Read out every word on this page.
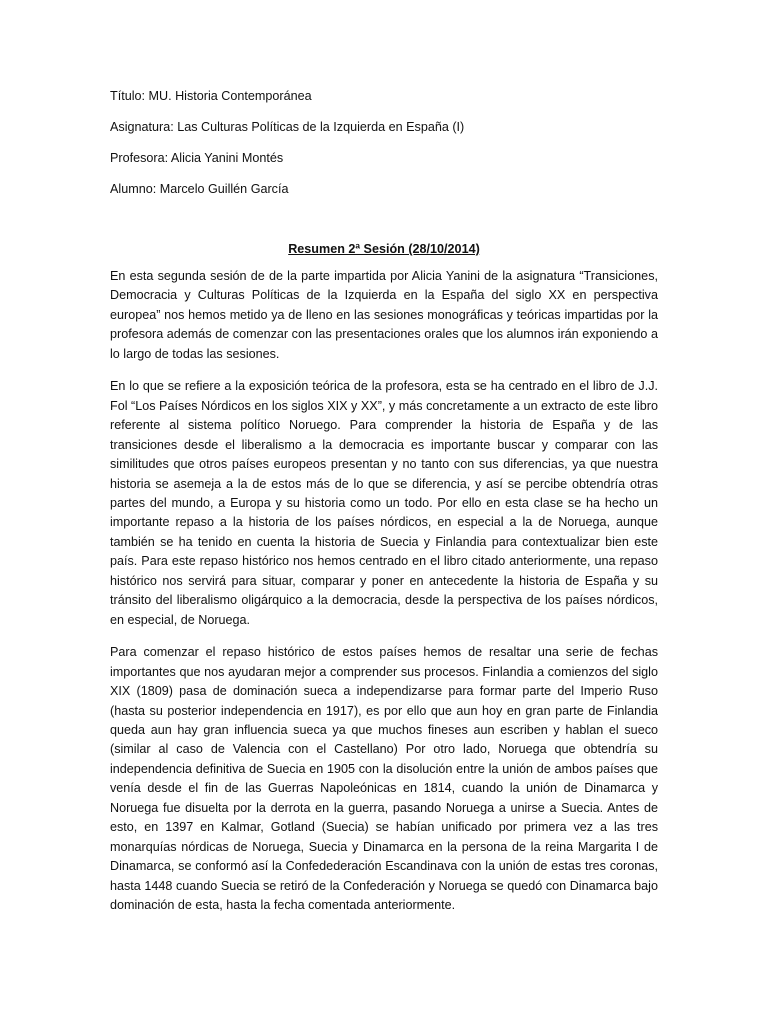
Título: MU. Historia Contemporánea
Asignatura: Las Culturas Políticas de la Izquierda en España (I)
Profesora: Alicia Yanini Montés
Alumno: Marcelo Guillén García
Resumen 2ª Sesión (28/10/2014)

En esta segunda sesión de de la parte impartida por Alicia Yanini de la asignatura “Transiciones, Democracia y Culturas Políticas de la Izquierda en la España del siglo XX en perspectiva europea” nos hemos metido ya de lleno en las sesiones monográficas y teóricas impartidas por la profesora además de comenzar con las presentaciones orales que los alumnos irán exponiendo a lo largo de todas las sesiones.

En lo que se refiere a la exposición teórica de la profesora, esta se ha centrado en el libro de J.J. Fol “Los Países Nórdicos en los siglos XIX y XX”, y más concretamente a un extracto de este libro referente al sistema político Noruego. Para comprender la historia de España y de las transiciones desde el liberalismo a la democracia es importante buscar y comparar con las similitudes que otros países europeos presentan y no tanto con sus diferencias, ya que nuestra historia se asemeja a la de estos más de lo que se diferencia, y así se percibe obtendría otras partes del mundo, a Europa y su historia como un todo. Por ello en esta clase se ha hecho un importante repaso a la historia de los países nórdicos, en especial a la de Noruega, aunque también se ha tenido en cuenta la historia de Suecia y Finlandia para contextualizar bien este país. Para este repaso histórico nos hemos centrado en el libro citado anteriormente, una repaso histórico nos servirá para situar, comparar y poner en antecedente la historia de España y su tránsito del liberalismo oligárquico a la democracia, desde la perspectiva de los países nórdicos, en especial, de Noruega.

Para comenzar el repaso histórico de estos países hemos de resaltar una serie de fechas importantes que nos ayudaran mejor a comprender sus procesos. Finlandia a comienzos del siglo XIX (1809) pasa de dominación sueca a independizarse para formar parte del Imperio Ruso (hasta su posterior independencia en 1917), es por ello que aun hoy en gran parte de Finlandia queda aun hay gran influencia sueca ya que muchos fineses aun escriben y hablan el sueco (similar al caso de Valencia con el Castellano) Por otro lado, Noruega que obtendría su independencia definitiva de Suecia en 1905 con la disolución entre la unión de ambos países que venía desde el fin de las Guerras Napoleónicas en 1814, cuando la unión de Dinamarca y Noruega fue disuelta por la derrota en la guerra, pasando Noruega a unirse a Suecia. Antes de esto, en 1397 en Kalmar, Gotland (Suecia) se habían unificado por primera vez a las tres monarquías nórdicas de Noruega, Suecia y Dinamarca en la persona de la reina Margarita I de Dinamarca, se conformó así la Confedederación Escandinava con la unión de estas tres coronas, hasta 1448 cuando Suecia se retiró de la Confederación y Noruega se quedó con Dinamarca bajo dominación de esta, hasta la fecha comentada anteriormente.
